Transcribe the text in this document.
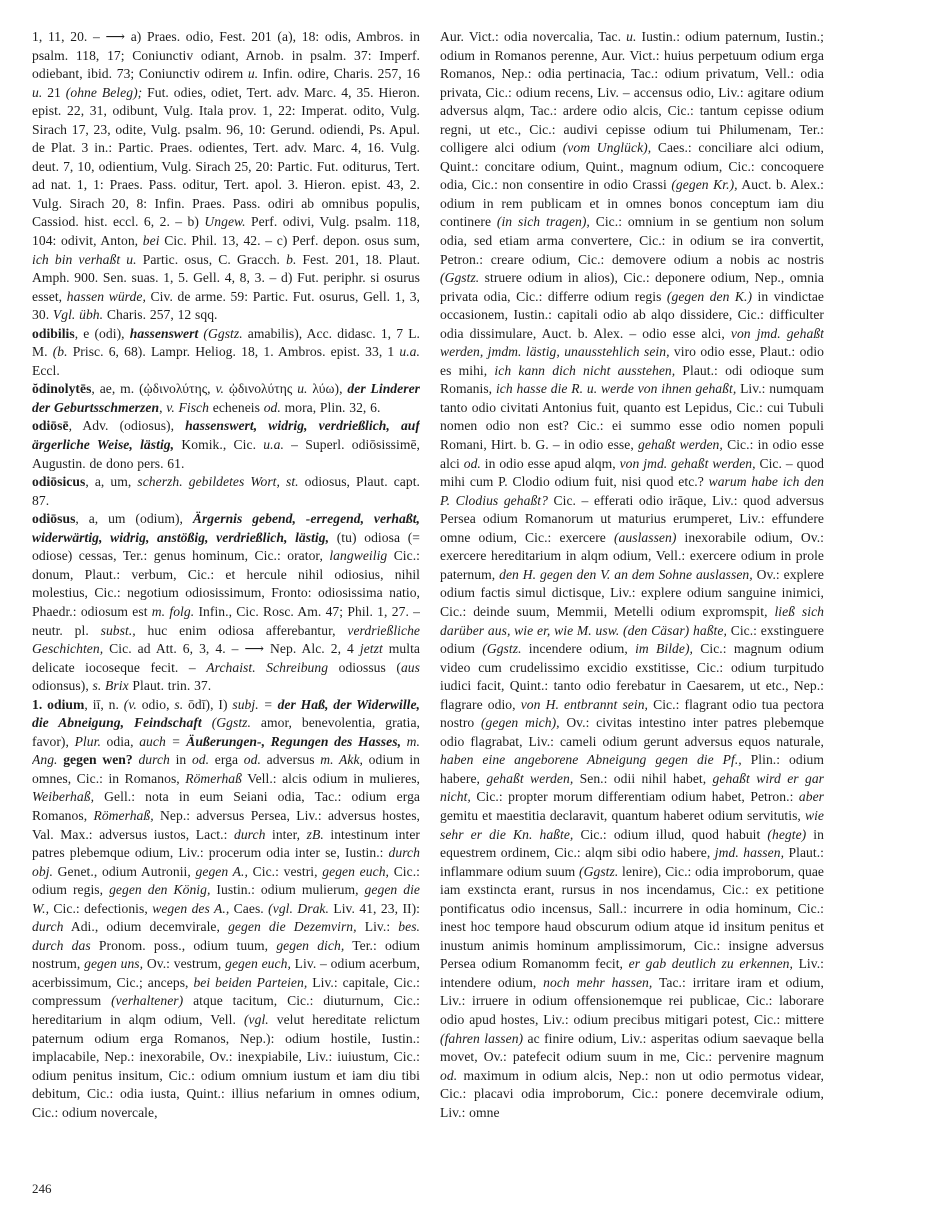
1, 11, 20. – ⟶ a) Praes. odio, Fest. 201 (a), 18: odis, Ambros. in psalm. 118, 17; Coniunctiv odiant, Arnob. in psalm. 37: Imperf. odiebant, ibid. 73; Coniunctiv odirem u. Infin. odire, Charis. 257, 16 u. 21 (ohne Beleg); Fut. odies, odiet, Tert. adv. Marc. 4, 35. Hieron. epist. 22, 31, odibunt, Vulg. Itala prov. 1, 22: Imperat. odito, Vulg. Sirach 17, 23, odite, Vulg. psalm. 96, 10: Gerund. odiendi, Ps. Apul. de Plat. 3 in.: Partic. Praes. odientes, Tert. adv. Marc. 4, 16. Vulg. deut. 7, 10, odientium, Vulg. Sirach 25, 20: Partic. Fut. oditurus, Tert. ad nat. 1, 1: Praes. Pass. oditur, Tert. apol. 3. Hieron. epist. 43, 2. Vulg. Sirach 20, 8: Infin. Praes. Pass. odiri ab omnibus populis, Cassiod. hist. eccl. 6, 2. – b) Ungew. Perf. odivi, Vulg. psalm. 118, 104: odivit, Anton, bei Cic. Phil. 13, 42. – c) Perf. depon. osus sum, ich bin verhaßt u. Partic. osus, C. Gracch. b. Fest. 201, 18. Plaut. Amph. 900. Sen. suas. 1, 5. Gell. 4, 8, 3. – d) Fut. periphr. si osurus esset, hassen würde, Civ. de arme. 59: Partic. Fut. osurus, Gell. 1, 3, 30. Vgl. übh. Charis. 257, 12 sqq.

odibilis, e (odi), hassenswert (Ggstz. amabilis), Acc. didasc. 1, 7 L. M. (b. Prisc. 6, 68). Lampr. Heliog. 18, 1. Ambros. epist. 33, 1 u.a. Eccl.

ŏdinolytēs, ae, m. (ᾠδινολύτης, v. ᾠδινολύτης u. λύω), der Linderer der Geburtsschmerzen, v. Fisch echeneis od. mora, Plin. 32, 6.

odiōsē, Adv. (odiosus), hassenswert, widrig, verdrießlich, auf ärgerliche Weise, lästig, Komik., Cic. u.a. – Superl. odiōsissimē, Augustin. de dono pers. 61.

odiōsicus, a, um, scherzh. gebildetes Wort, st. odiosus, Plaut. capt. 87.

odiōsus, a, um (odium), Ärgernis gebend, -erregend, verhaßt, widerwärtig, widrig, anstößig, verdrießlich, lästig, (tu) odiosa (= odiose) cessas, Ter.: genus hominum, Cic.: orator, langweilig Cic.: donum, Plaut.: verbum, Cic.: et hercule nihil odiosius, nihil molestius, Cic.: negotium odiosissimum, Fronto: odiosissima natio, Phaedr.: odiosum est m. folg. Infin., Cic. Rosc. Am. 47; Phil. 1, 27. – neutr. pl. subst., huc enim odiosa afferebantur, verdrießliche Geschichten, Cic. ad Att. 6, 3, 4. – ⟶ Nep. Alc. 2, 4 jetzt multa delicate iocoseque fecit. – Archaist. Schreibung odiossus (aus odionsus), s. Brix Plaut. trin. 37.

1. odium, iī, n. (v. odio, s. ōdī), I) subj. = der Haß, der Widerwille, die Abneigung, Feindschaft (Ggstz. amor, benevolentia, gratia, favor), Plur. odia, auch = Äußerungen-, Regungen des Hasses, m. Ang. gegen wen? durch in od. erga od. adversus m. Akk, odium in omnes, Cic.: in Romanos, Römerhaß Vell.: alcis odium in mulieres, Weiberhaß, Gell.: nota in eum Seiani odia, Tac.: odium erga Romanos, Römerhaß, Nep.: adversus Persea, Liv.: adversus hostes, Val. Max.: adversus iustos, Lact.: durch inter, zB. intestinum inter patres plebemque odium, Liv.: procerum odia inter se, Iustin.: durch obj. Genet., odium Autronii, gegen A., Cic.: vestri, gegen euch, Cic.: odium regis, gegen den König, Iustin.: odium mulierum, gegen die W., Cic.: defectionis, wegen des A., Caes. (vgl. Drak. Liv. 41, 23, II): durch Adi., odium decemvirale, gegen die Dezemvirn, Liv.: bes. durch das Pronom. poss., odium tuum, gegen dich, Ter.: odium nostrum, gegen uns, Ov.: vestrum, gegen euch, Liv. – odium acerbum, acerbissimum, Cic.; anceps, bei beiden Parteien, Liv.: capitale, Cic.: compressum (verhaltener) atque tacitum, Cic.: diuturnum, Cic.: hereditarium in alqm odium, Vell. (vgl. velut hereditate relictum paternum odium erga Romanos, Nep.): odium hostile, Iustin.: implacabile, Nep.: inexorabile, Ov.: inexpiabile, Liv.: iuiustum, Cic.: odium penitus insitum, Cic.: odium omnium iustum et iam diu tibi debitum, Cic.: odia iusta, Quint.: illius nefarium in omnes odium, Cic.: odium novercale,

Aur. Vict.: odia novercalia, Tac. u. Iustin.: odium paternum, Iustin.; odium in Romanos perenne, Aur. Vict.: huius perpetuum odium erga Romanos, Nep.: odia pertinacia, Tac.: odium privatum, Vell.: odia privata, Cic.: odium recens, Liv. – accensus odio, Liv.: agitare odium adversus alqm, Tac.: ardere odio alcis, Cic.: tantum cepisse odium regni, ut etc., Cic.: audivi cepisse odium tui Philumenam, Ter.: colligere alci odium (vom Unglück), Caes.: conciliare alci odium, Quint.: concitare odium, Quint., magnum odium, Cic.: concoquere odia, Cic.: non consentire in odio Crassi (gegen Kr.), Auct. b. Alex.: odium in rem publicam et in omnes bonos conceptum iam diu continere (in sich tragen), Cic.: omnium in se gentium non solum odia, sed etiam arma convertere, Cic.: in odium se ira convertit, Petron.: creare odium, Cic.: demovere odium a nobis ac nostris (Ggstz. struere odium in alios), Cic.: deponere odium, Nep., omnia privata odia, Cic.: differre odium regis (gegen den K.) in vindictae occasionem, Iustin.: capitali odio ab alqo dissidere, Cic.: difficulter odia dissimulare, Auct. b. Alex. – odio esse alci, von jmd. gehaßt werden, jmdm. lästig, unausstehlich sein, viro odio esse, Plaut.: odio es mihi, ich kann dich nicht ausstehen, Plaut.: odi odioque sum Romanis, ich hasse die R. u. werde von ihnen gehaßt, Liv.: numquam tanto odio civitati Antonius fuit, quanto est Lepidus, Cic.: cui Tubuli nomen odio non est? Cic.: ei summo esse odio nomen populi Romani, Hirt. b. G. – in odio esse, gehaßt werden, Cic.: in odio esse alci od. in odio esse apud alqm, von jmd. gehaßt werden, Cic. – quod mihi cum P. Clodio odium fuit, nisi quod etc.? warum habe ich den P. Clodius gehaßt? Cic. – efferati odio irāque, Liv.: quod adversus Persea odium Romanorum ut maturius erumperet, Liv.: effundere omne odium, Cic.: exercere (auslassen) inexorabile odium, Ov.: exercere hereditarium in alqm odium, Vell.: exercere odium in prole paternum, den H. gegen den V. an dem Sohne auslassen, Ov.: explere odium factis simul dictisque, Liv.: explere odium sanguine inimici, Cic.: deinde suum, Memmii, Metelli odium expromspit, ließ sich darüber aus, wie er, wie M. usw. (den Cäsar) haßte, Cic.: exstinguere odium (Ggstz. incendere odium, im Bilde), Cic.: magnum odium video cum crudelissimo excidio exstitisse, Cic.: odium turpitudo iudici facit, Quint.: tanto odio ferebatur in Caesarem, ut etc., Nep.: flagrare odio, von H. entbrannt sein, Cic.: flagrant odio tua pectora nostro (gegen mich), Ov.: civitas intestino inter patres plebemque odio flagrabat, Liv.: cameli odium gerunt adversus equos naturale, haben eine angeborene Abneigung gegen die Pf., Plin.: odium habere, gehaßt werden, Sen.: odii nihil habet, gehaßt wird er gar nicht, Cic.: propter morum differentiam odium habet, Petron.: aber gemitu et maestitia declaravit, quantum haberet odium servitutis, wie sehr er die Kn. haßte, Cic.: odium illud, quod habuit (hegte) in equestrem ordinem, Cic.: alqm sibi odio habere, jmd. hassen, Plaut.: inflammare odium suum (Ggstz. lenire), Cic.: odia improborum, quae iam exstincta erant, rursus in nos incendamus, Cic.: ex petitione pontificatus odio incensus, Sall.: incurrere in odia hominum, Cic.: inest hoc tempore haud obscurum odium atque id insitum penitus et inustum animis hominum amplissimorum, Cic.: insigne adversus Persea odium Romanomm fecit, er gab deutlich zu erkennen, Liv.: intendere odium, noch mehr hassen, Tac.: irritare iram et odium, Liv.: irruere in odium offensionemque rei publicae, Cic.: laborare odio apud hostes, Liv.: odium precibus mitigari potest, Cic.: mittere (fahren lassen) ac finire odium, Liv.: asperitas odium saevaque bella movet, Ov.: patefecit odium suum in me, Cic.: pervenire magnum od. maximum in odium alcis, Nep.: non ut odio permotus videar, Cic.: placavi odia improborum, Cic.: ponere decemvirale odium, Liv.: omne

246
